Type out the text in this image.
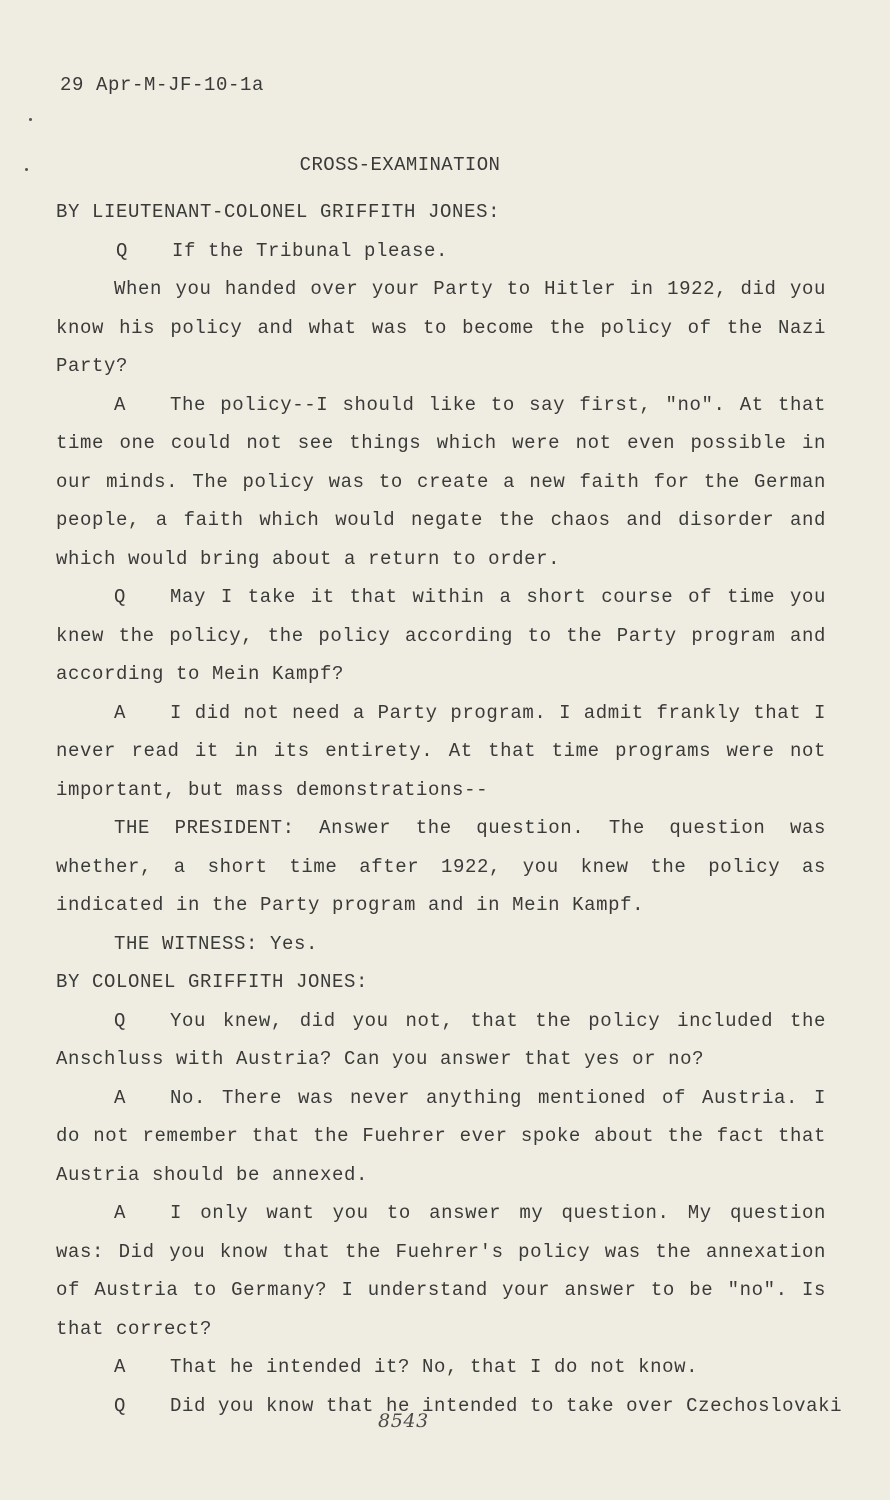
29 Apr-M-JF-10-1a
CROSS-EXAMINATION

BY LIEUTENANT-COLONEL GRIFFITH JONES:

Q If the Tribunal please.

When you handed over your Party to Hitler in 1922, did you know his policy and what was to become the policy of the Nazi Party?

A The policy--I should like to say first, "no". At that time one could not see things which were not even possible in our minds. The policy was to create a new faith for the German people, a faith which would negate the chaos and disorder and which would bring about a return to order.

Q May I take it that within a short course of time you knew the policy, the policy according to the Party program and according to Mein Kampf?

A I did not need a Party program. I admit frankly that I never read it in its entirety. At that time programs were not important, but mass demonstrations--

THE PRESIDENT: Answer the question. The question was whether, a short time after 1922, you knew the policy as indicated in the Party program and in Mein Kampf.

THE WITNESS: Yes.

BY COLONEL GRIFFITH JONES:

Q You knew, did you not, that the policy included the Anschluss with Austria? Can you answer that yes or no?

A No. There was never anything mentioned of Austria. I do not remember that the Fuehrer ever spoke about the fact that Austria should be annexed.

A I only want you to answer my question. My question was: Did you know that the Fuehrer's policy was the annexation of Austria to Germany? I understand your answer to be "no". Is that correct?

A That he intended it? No, that I do not know.

Q Did you know that he intended to take over Czechoslovaki

8543
